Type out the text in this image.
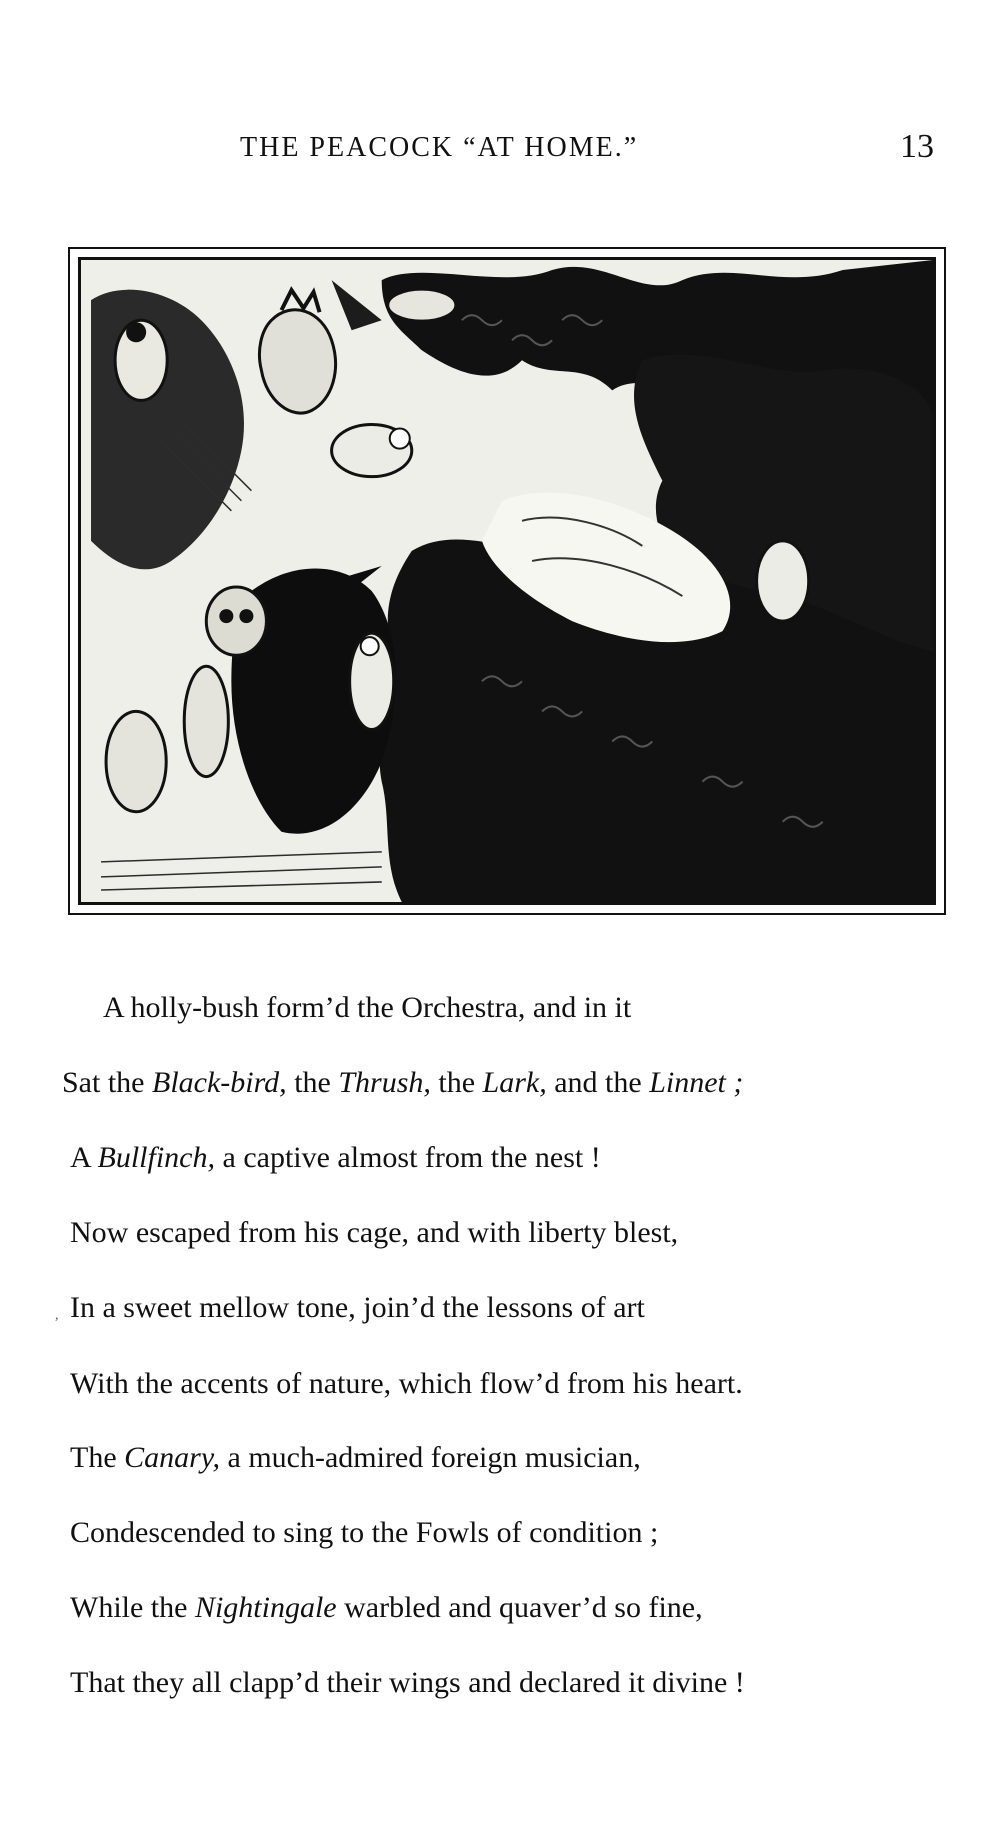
THE PEACOCK “AT HOME.”	13
A holly-bush form’d the Orchestra, and in it
Sat the Black-bird, the Thrush, the Lark, and the Linnet ;
A Bullfinch, a captive almost from the nest !
Now escaped from his cage, and with liberty blest,
In a sweet mellow tone, join’d the lessons of art
With the accents of nature, which flow’d from his heart.
The Canary, a much-admired foreign musician,
Condescended to sing to the Fowls of condition ;
While the Nightingale warbled and quaver’d so fine,
That they all clapp’d their wings and declared it divine !
,
